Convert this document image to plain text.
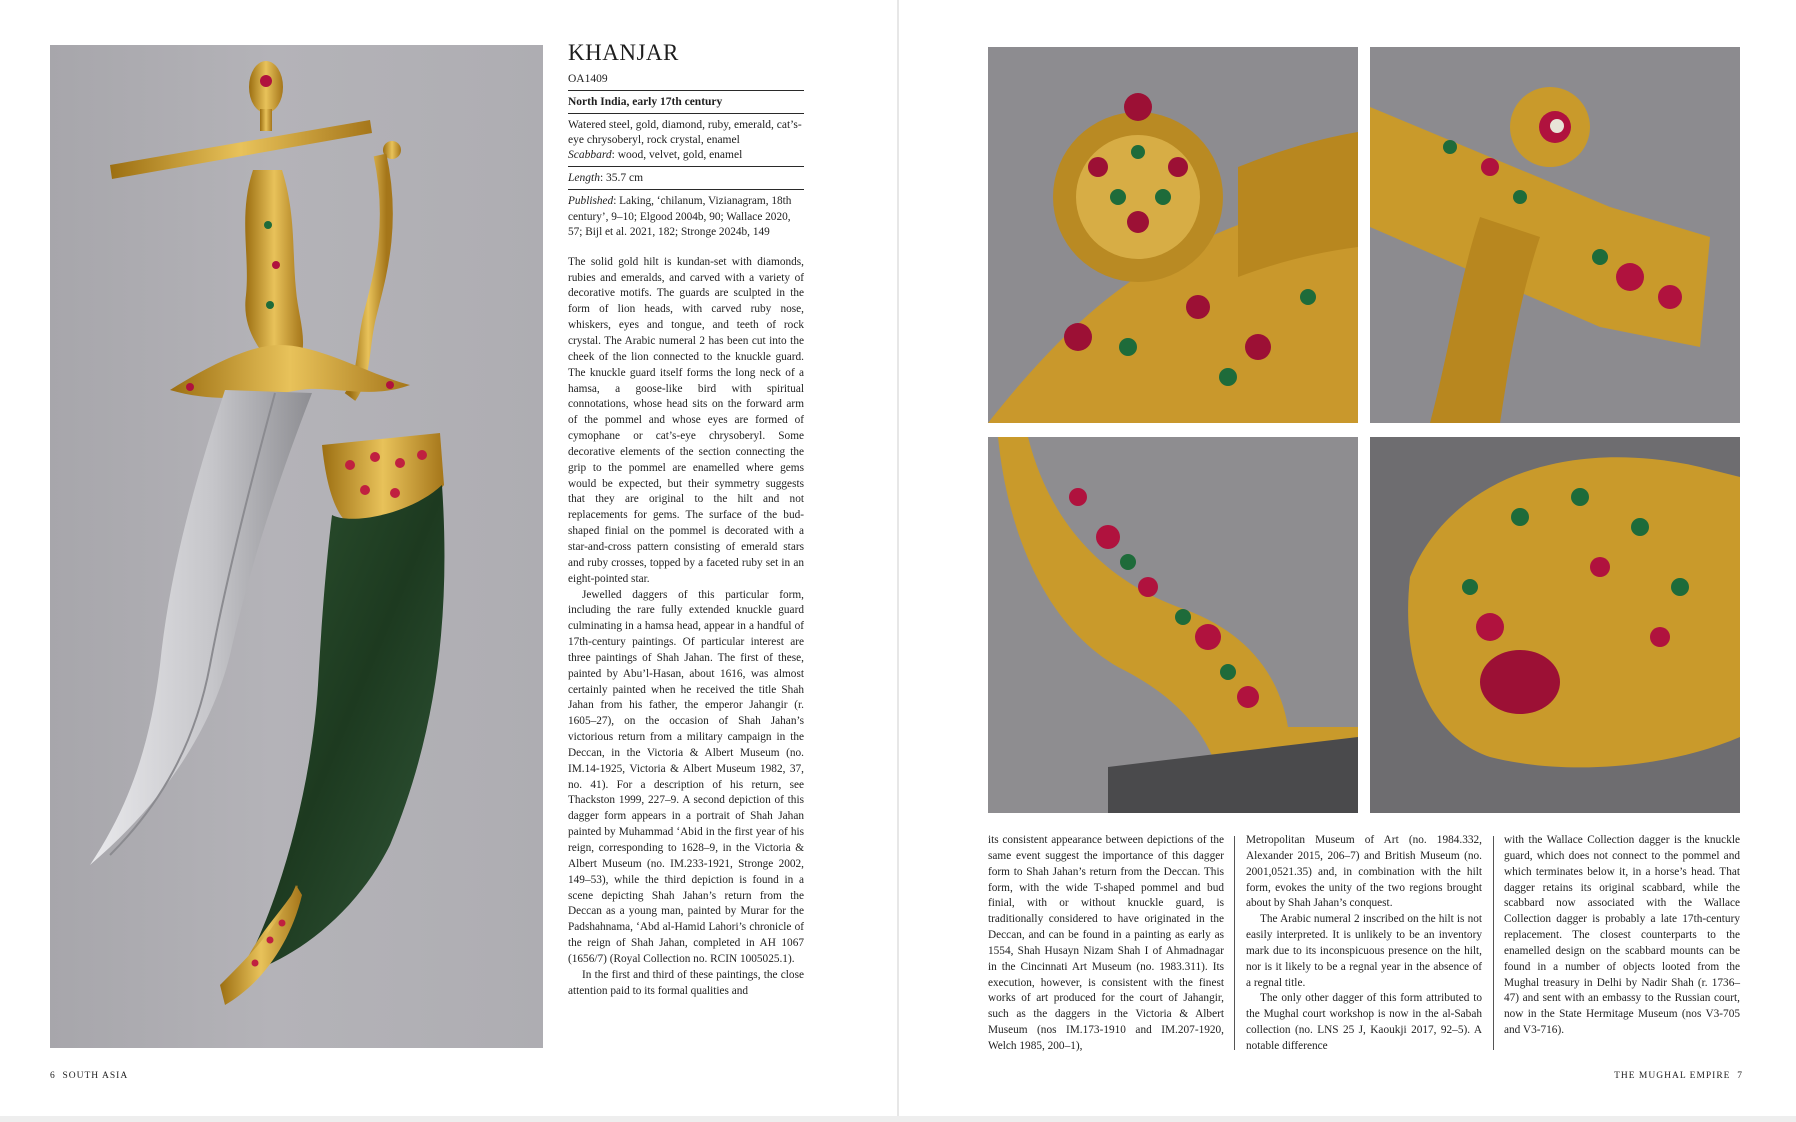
KHANJAR
OA1409
North India, early 17th century
Watered steel, gold, diamond, ruby, emerald, cat’s-eye chrysoberyl, rock crystal, enamel
Scabbard: wood, velvet, gold, enamel
Length: 35.7 cm
Published: Laking, ‘chilanum, Vizianagram, 18th century’, 9–10; Elgood 2004b, 90; Wallace 2020, 57; Bijl et al. 2021, 182; Stronge 2024b, 149

The solid gold hilt is kundan-set with diamonds, rubies and emeralds, and carved with a variety of decorative motifs. The guards are sculpted in the form of lion heads, with carved ruby nose, whiskers, eyes and tongue, and teeth of rock crystal. The Arabic numeral 2 has been cut into the cheek of the lion connected to the knuckle guard. The knuckle guard itself forms the long neck of a hamsa, a goose-like bird with spiritual connotations, whose head sits on the forward arm of the pommel and whose eyes are formed of cymophane or cat’s-eye chrysoberyl. Some decorative elements of the section connecting the grip to the pommel are enamelled where gems would be expected, but their symmetry suggests that they are original to the hilt and not replacements for gems. The surface of the bud-shaped finial on the pommel is decorated with a star-and-cross pattern consisting of emerald stars and ruby crosses, topped by a faceted ruby set in an eight-pointed star.

Jewelled daggers of this particular form, including the rare fully extended knuckle guard culminating in a hamsa head, appear in a handful of 17th-century paintings. Of particular interest are three paintings of Shah Jahan. The first of these, painted by Abu’l-Hasan, about 1616, was almost certainly painted when he received the title Shah Jahan from his father, the emperor Jahangir (r. 1605–27), on the occasion of Shah Jahan’s victorious return from a military campaign in the Deccan, in the Victoria & Albert Museum (no. IM.14-1925, Victoria & Albert Museum 1982, 37, no. 41). For a description of his return, see Thackston 1999, 227–9. A second depiction of this dagger form appears in a portrait of Shah Jahan painted by Muhammad ‘Abid in the first year of his reign, corresponding to 1628–9, in the Victoria & Albert Museum (no. IM.233-1921, Stronge 2002, 149–53), while the third depiction is found in a scene depicting Shah Jahan’s return from the Deccan as a young man, painted by Murar for the Padshahnama, ‘Abd al-Hamid Lahori’s chronicle of the reign of Shah Jahan, completed in AH 1067 (1656/7) (Royal Collection no. RCIN 1005025.1).

In the first and third of these paintings, the close attention paid to its formal qualities and

its consistent appearance between depictions of the same event suggest the importance of this dagger form to Shah Jahan’s return from the Deccan. This form, with the wide T-shaped pommel and bud finial, with or without knuckle guard, is traditionally considered to have originated in the Deccan, and can be found in a painting as early as 1554, Shah Husayn Nizam Shah I of Ahmadnagar in the Cincinnati Art Museum (no. 1983.311). Its execution, however, is consistent with the finest works of art produced for the court of Jahangir, such as the daggers in the Victoria & Albert Museum (nos IM.173-1910 and IM.207-1920, Welch 1985, 200–1),

Metropolitan Museum of Art (no. 1984.332, Alexander 2015, 206–7) and British Museum (no. 2001,0521.35) and, in combination with the hilt form, evokes the unity of the two regions brought about by Shah Jahan’s conquest.

The Arabic numeral 2 inscribed on the hilt is not easily interpreted. It is unlikely to be an inventory mark due to its inconspicuous presence on the hilt, nor is it likely to be a regnal year in the absence of a regnal title.

The only other dagger of this form attributed to the Mughal court workshop is now in the al-Sabah collection (no. LNS 25 J, Kaoukji 2017, 92–5). A notable difference

with the Wallace Collection dagger is the knuckle guard, which does not connect to the pommel and which terminates below it, in a horse’s head. That dagger retains its original scabbard, while the scabbard now associated with the Wallace Collection dagger is probably a late 17th-century replacement. The closest counterparts to the enamelled design on the scabbard mounts can be found in a number of objects looted from the Mughal treasury in Delhi by Nadir Shah (r. 1736–47) and sent with an embassy to the Russian court, now in the State Hermitage Museum (nos V3-705 and V3-716).

6 SOUTH ASIA	THE MUGHAL EMPIRE 7
